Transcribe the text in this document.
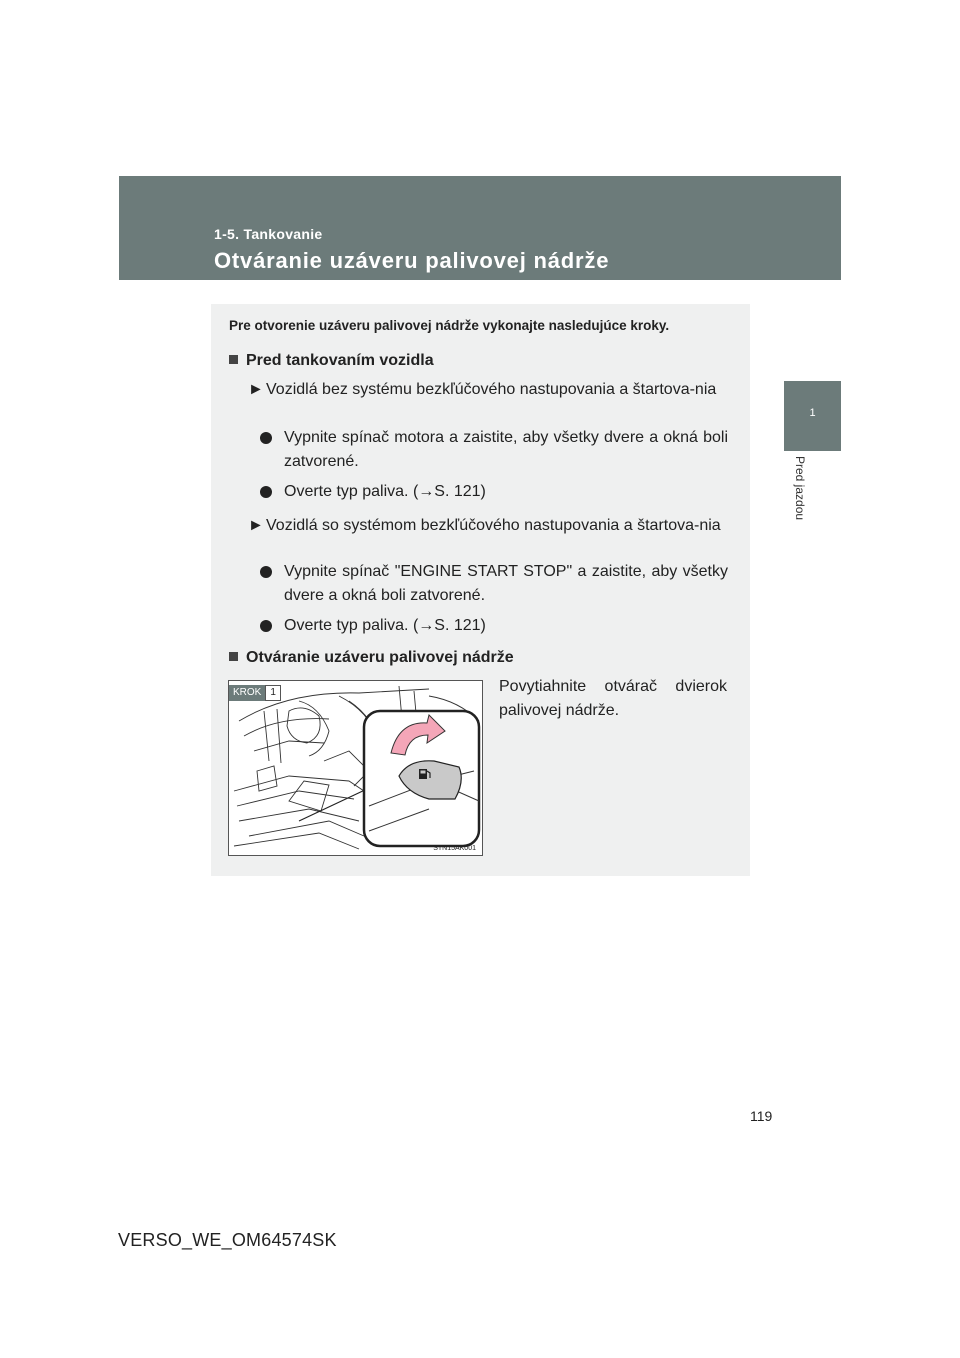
1-5. Tankovanie
Otváranie uzáveru palivovej nádrže
1
Pred jazdou
Pre otvorenie uzáveru palivovej nádrže vykonajte nasledujúce kroky.
Pred tankovaním vozidla
► Vozidlá bez systému bezkľúčového nastupovania a štartova-nia
Vypnite spínač motora a zaistite, aby všetky dvere a okná boli zatvorené.
Overte typ paliva. (→S. 121)
► Vozidlá so systémom bezkľúčového nastupovania a štartova-nia
Vypnite spínač "ENGINE START STOP" a zaistite, aby všetky dvere a okná boli zatvorené.
Overte typ paliva. (→S. 121)
Otváranie uzáveru palivovej nádrže
KROK 1
STN15AK001
Povytiahnite otvárač dvierok palivovej nádrže.
119
VERSO_WE_OM64574SK
